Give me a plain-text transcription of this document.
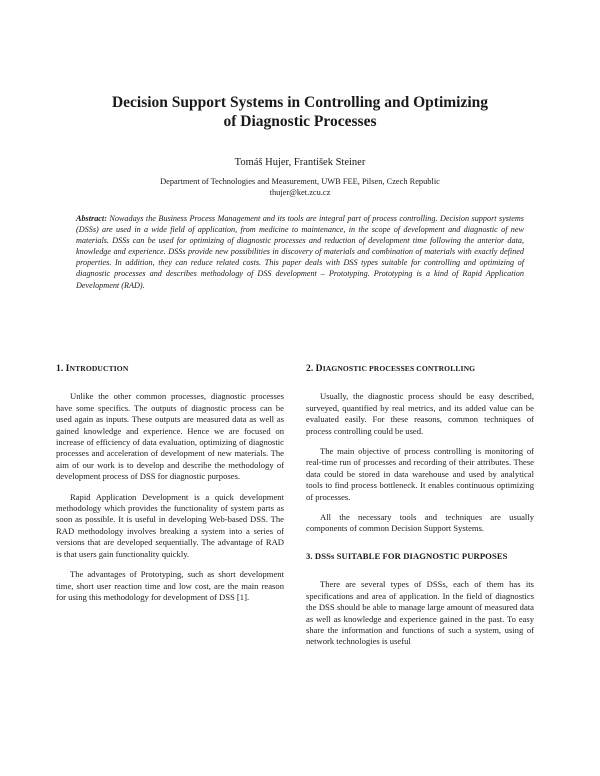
Decision Support Systems in Controlling and Optimizing
of Diagnostic Processes
Tomáš Hujer, František Steiner
Department of Technologies and Measurement, UWB FEE, Pilsen, Czech Republic
thujer@ket.zcu.cz
Abstract: Nowadays the Business Process Management and its tools are integral part of process controlling. Decision support systems (DSSs) are used in a wide field of application, from medicine to maintenance, in the scope of development and diagnostic of new materials. DSSs can be used for optimizing of diagnostic processes and reduction of development time following the anterior data, knowledge and experience. DSSs provide new possibilities in discovery of materials and combination of materials with exactly defined properties. In addition, they can reduce related costs. This paper deals with DSS types suitable for controlling and optimizing of diagnostic processes and describes methodology of DSS development – Prototyping. Prototyping is a kind of Rapid Application Development (RAD).
1. INTRODUCTION

Unlike the other common processes, diagnostic processes have some specifics. The outputs of diagnostic process can be used again as inputs. These outputs are measured data as well as gained knowledge and experience. Hence we are focused on increase of efficiency of data evaluation, optimizing of diagnostic processes and acceleration of development of new materials. The aim of our work is to develop and describe the methodology of development process of DSS for diagnostic purposes.

Rapid Application Development is a quick development methodology which provides the functionality of system parts as soon as possible. It is useful in developing Web-based DSS. The RAD methodology involves breaking a system into a series of versions that are developed sequentially. The advantage of RAD is that users gain functionality quickly.

The advantages of Prototyping, such as short development time, short user reaction time and low cost, are the main reason for using this methodology for development of DSS [1].

2. DIAGNOSTIC PROCESSES CONTROLLING

Usually, the diagnostic process should be easy described, surveyed, quantified by real metrics, and its added value can be evaluated easily. For these reasons, common techniques of process controlling could be used.

The main objective of process controlling is monitoring of real-time run of processes and recording of their attributes. These data could be stored in data warehouse and used by analytical tools to find process bottleneck. It enables continuous optimizing of processes.

All the necessary tools and techniques are usually components of common Decision Support Systems.

3. DSSs SUITABLE FOR DIAGNOSTIC PURPOSES

There are several types of DSSs, each of them has its specifications and area of application. In the field of diagnostics the DSS should be able to manage large amount of measured data as well as knowledge and experience gained in the past. To easy share the information and functions of such a system, using of network technologies is useful
